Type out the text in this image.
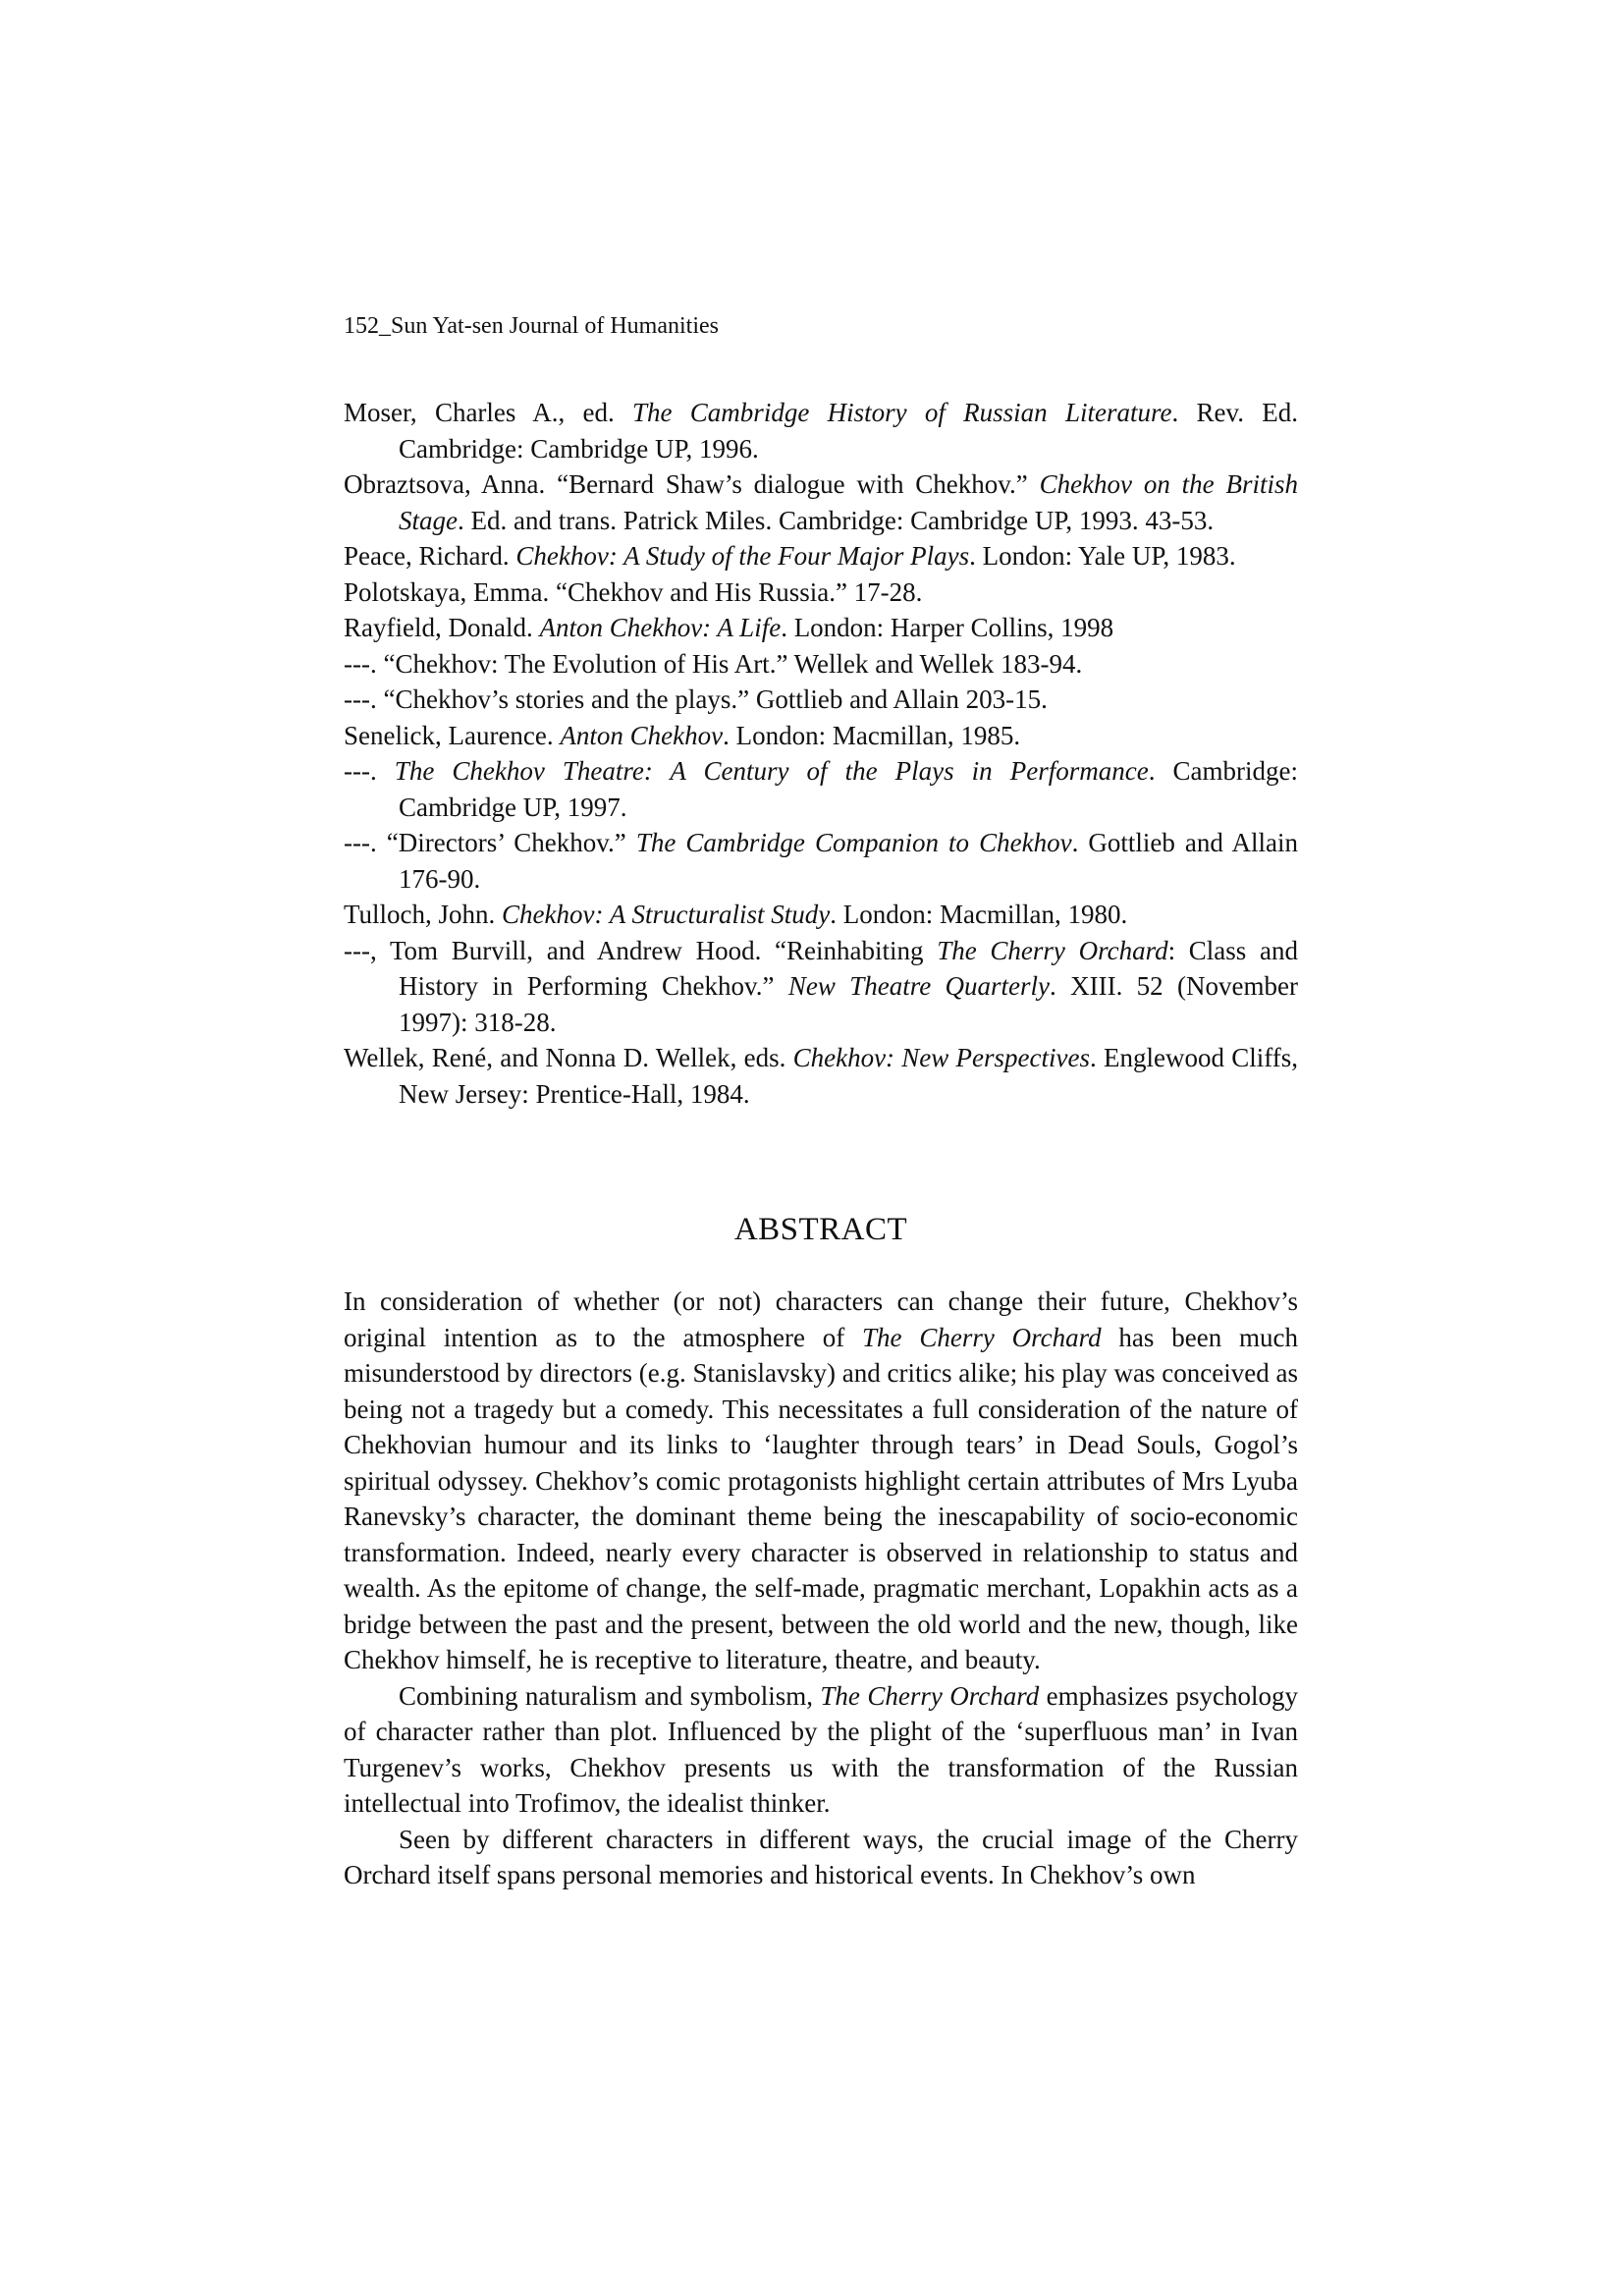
152_Sun Yat-sen Journal of Humanities

Moser, Charles A., ed. The Cambridge History of Russian Literature. Rev. Ed. Cambridge: Cambridge UP, 1996.

Obraztsova, Anna. “Bernard Shaw’s dialogue with Chekhov.” Chekhov on the British Stage. Ed. and trans. Patrick Miles. Cambridge: Cambridge UP, 1993. 43-53.

Peace, Richard. Chekhov: A Study of the Four Major Plays. London: Yale UP, 1983.

Polotskaya, Emma. “Chekhov and His Russia.” 17-28.

Rayfield, Donald. Anton Chekhov: A Life. London: Harper Collins, 1998

---. “Chekhov: The Evolution of His Art.” Wellek and Wellek 183-94.

---. “Chekhov’s stories and the plays.” Gottlieb and Allain 203-15.

Senelick, Laurence. Anton Chekhov. London: Macmillan, 1985.

---. The Chekhov Theatre: A Century of the Plays in Performance. Cambridge: Cambridge UP, 1997.

---. “Directors’ Chekhov.” The Cambridge Companion to Chekhov. Gottlieb and Allain 176-90.

Tulloch, John. Chekhov: A Structuralist Study. London: Macmillan, 1980.

---, Tom Burvill, and Andrew Hood. “Reinhabiting The Cherry Orchard: Class and History in Performing Chekhov.” New Theatre Quarterly. XIII. 52 (November 1997): 318-28.

Wellek, René, and Nonna D. Wellek, eds. Chekhov: New Perspectives. Englewood Cliffs, New Jersey: Prentice-Hall, 1984.

ABSTRACT

In consideration of whether (or not) characters can change their future, Chekhov’s original intention as to the atmosphere of The Cherry Orchard has been much misunderstood by directors (e.g. Stanislavsky) and critics alike; his play was conceived as being not a tragedy but a comedy. This necessitates a full consideration of the nature of Chekhovian humour and its links to ‘laughter through tears’ in Dead Souls, Gogol’s spiritual odyssey. Chekhov’s comic protagonists highlight certain attributes of Mrs Lyuba Ranevsky’s character, the dominant theme being the inescapability of socio-economic transformation. Indeed, nearly every character is observed in relationship to status and wealth. As the epitome of change, the self-made, pragmatic merchant, Lopakhin acts as a bridge between the past and the present, between the old world and the new, though, like Chekhov himself, he is receptive to literature, theatre, and beauty.

Combining naturalism and symbolism, The Cherry Orchard emphasizes psychology of character rather than plot. Influenced by the plight of the ‘superfluous man’ in Ivan Turgenev’s works, Chekhov presents us with the transformation of the Russian intellectual into Trofimov, the idealist thinker.

Seen by different characters in different ways, the crucial image of the Cherry Orchard itself spans personal memories and historical events. In Chekhov’s own
